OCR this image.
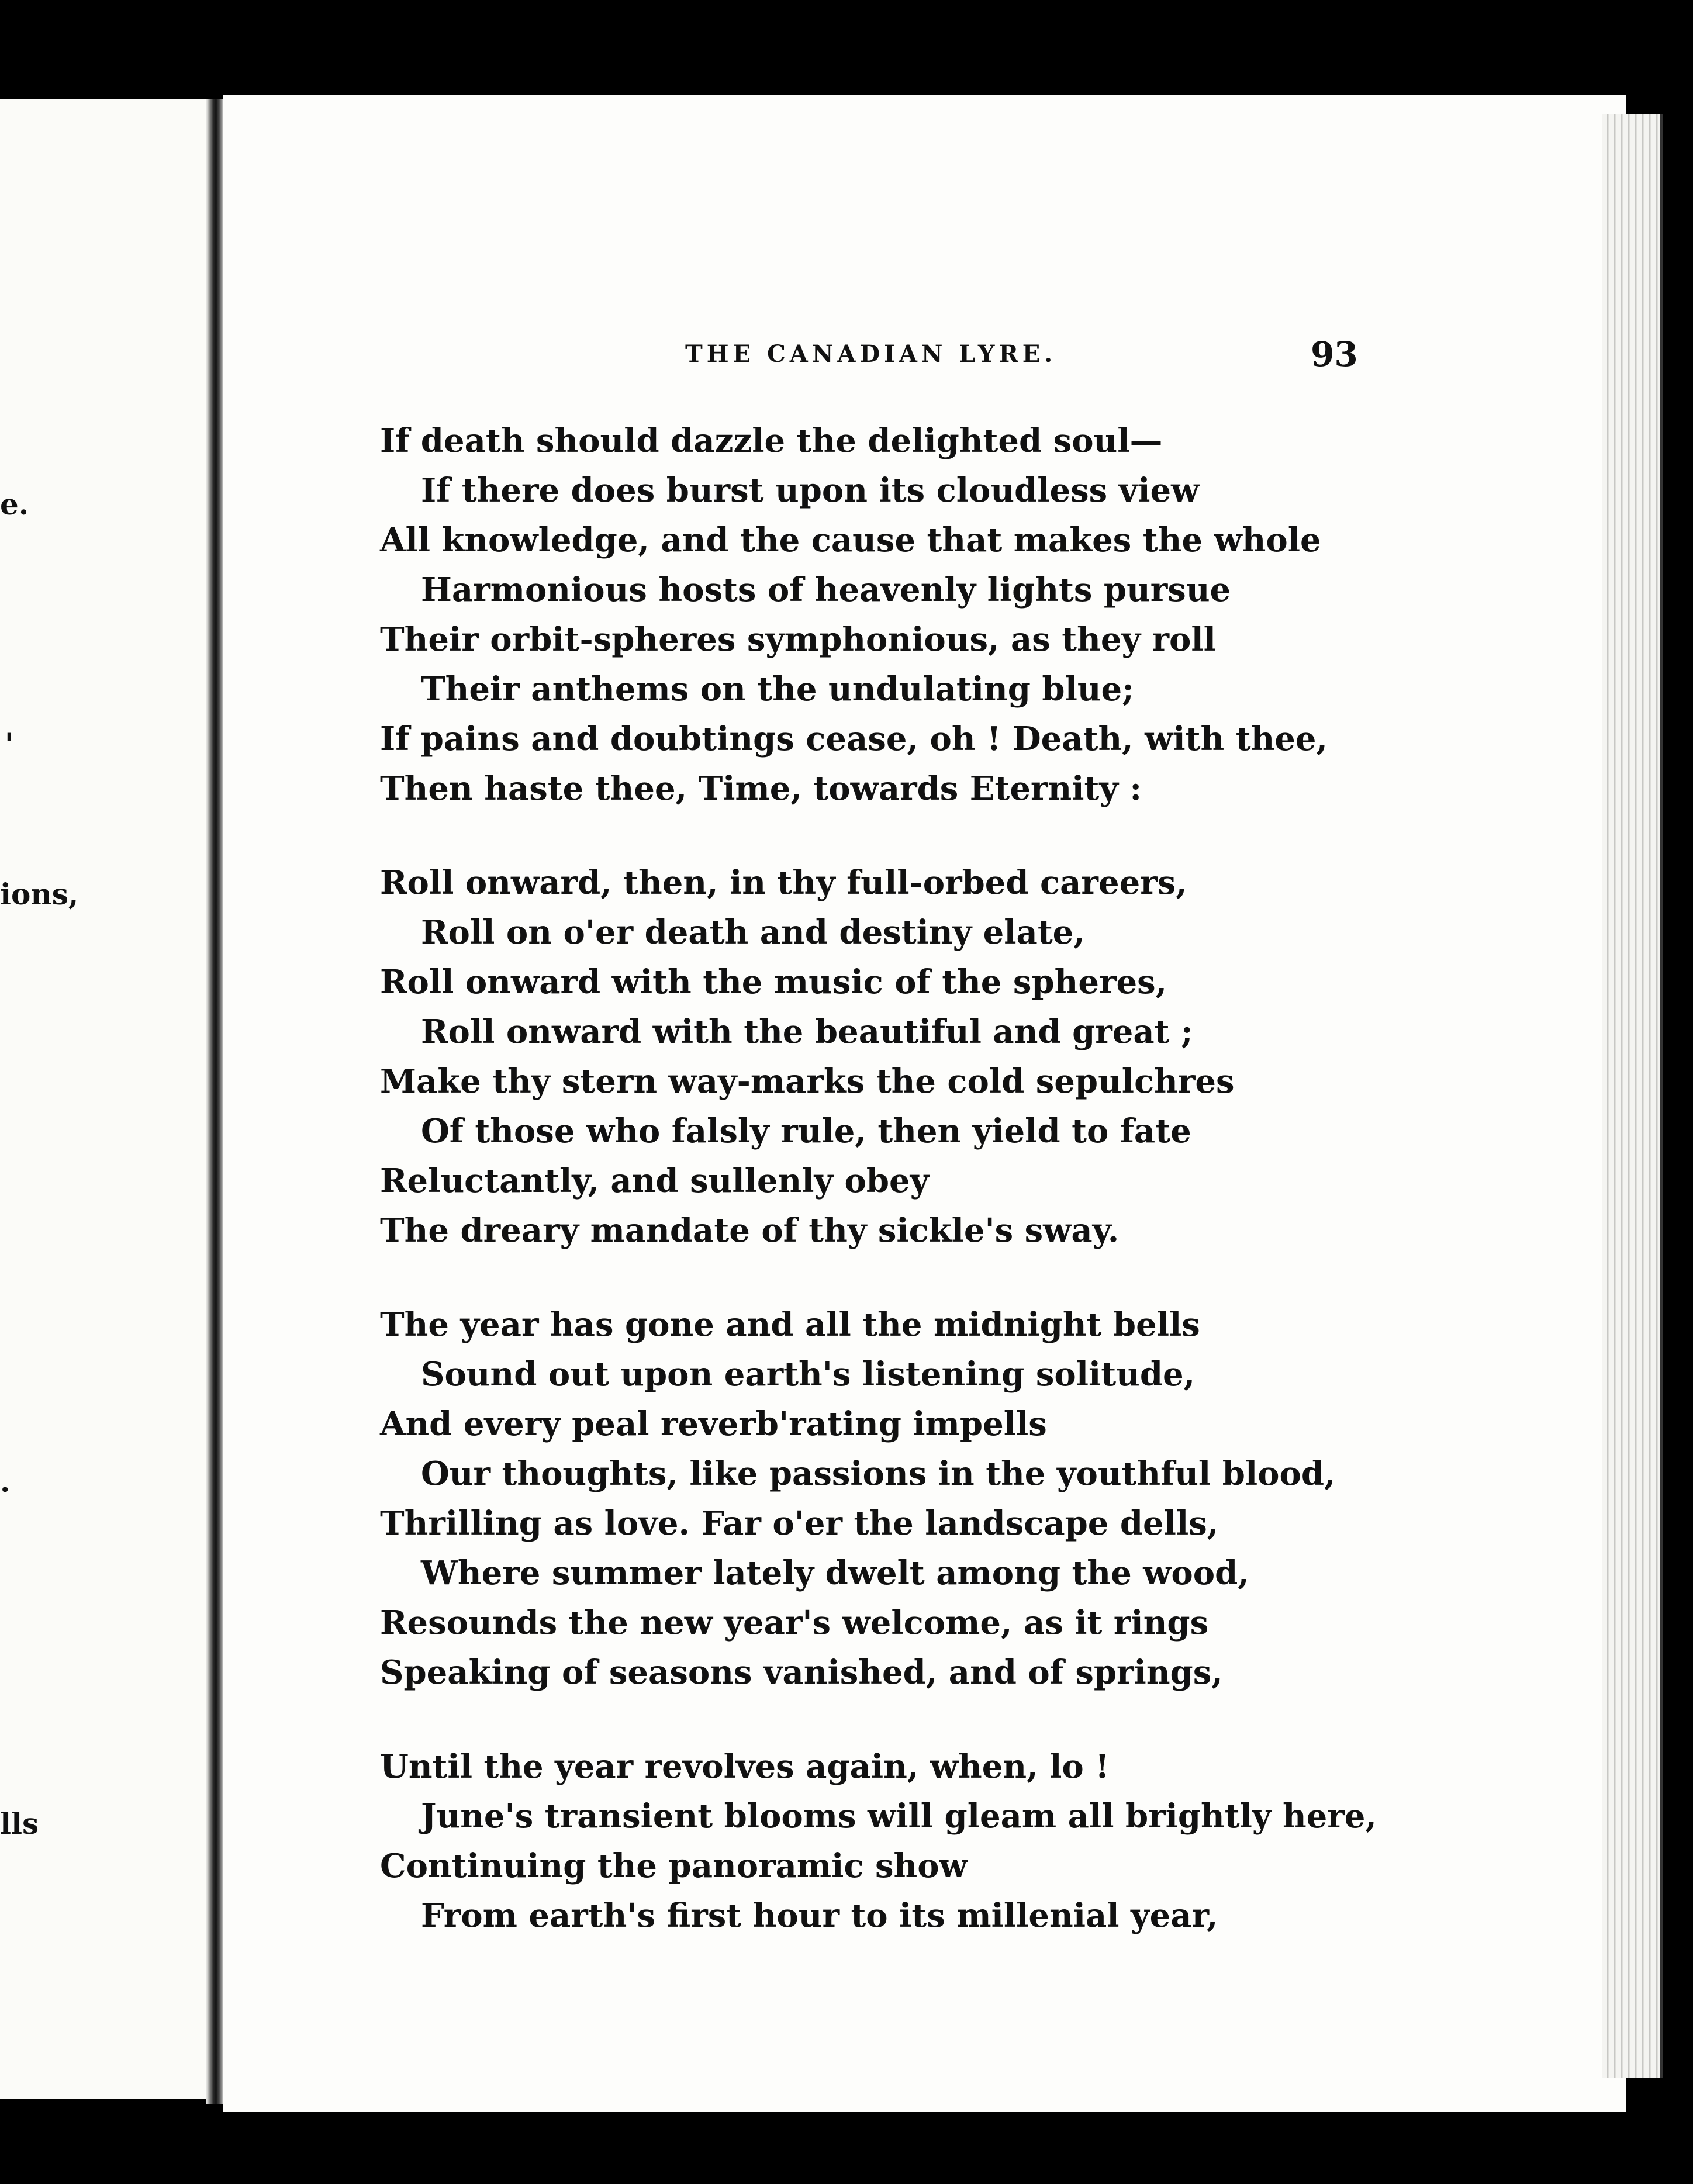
e.
'
ions,
.
lls
THE CANADIAN LYRE.	93
If death should dazzle the delighted soul—
If there does burst upon its cloudless view
All knowledge, and the cause that makes the whole
Harmonious hosts of heavenly lights pursue
Their orbit-spheres symphonious, as they roll
Their anthems on the undulating blue;
If pains and doubtings cease, oh ! Death, with thee,
Then haste thee, Time, towards Eternity :
Roll onward, then, in thy full-orbed careers,
Roll on o'er death and destiny elate,
Roll onward with the music of the spheres,
Roll onward with the beautiful and great ;
Make thy stern way-marks the cold sepulchres
Of those who falsly rule, then yield to fate
Reluctantly, and sullenly obey
The dreary mandate of thy sickle's sway.
The year has gone and all the midnight bells
Sound out upon earth's listening solitude,
And every peal reverb'rating impells
Our thoughts, like passions in the youthful blood,
Thrilling as love. Far o'er the landscape dells,
Where summer lately dwelt among the wood,
Resounds the new year's welcome, as it rings
Speaking of seasons vanished, and of springs,
Until the year revolves again, when, lo !
June's transient blooms will gleam all brightly here,
Continuing the panoramic show
From earth's first hour to its millenial year,
